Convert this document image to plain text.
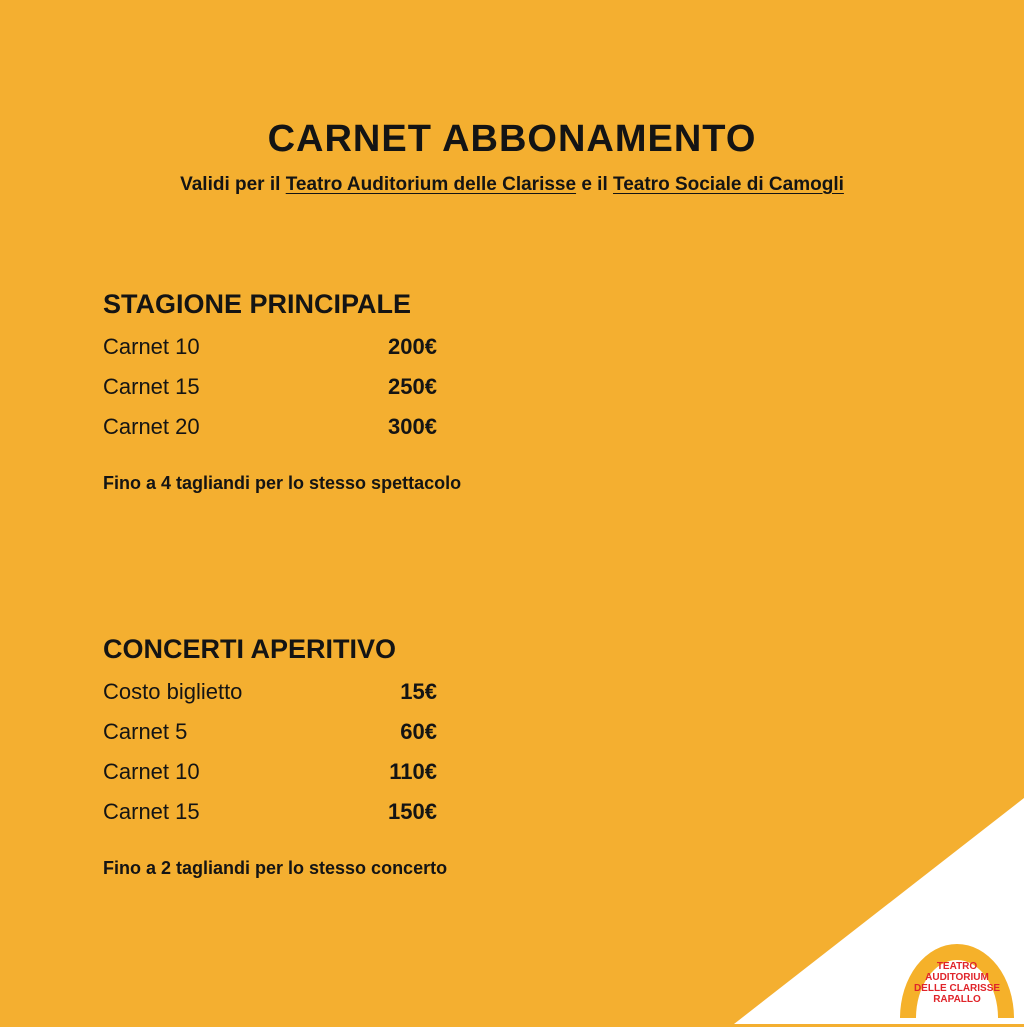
CARNET ABBONAMENTO

Validi per il Teatro Auditorium delle Clarisse e il Teatro Sociale di Camogli

STAGIONE PRINCIPALE
Carnet 10	200€
Carnet 15	250€
Carnet 20	300€

Fino a 4 tagliandi per lo stesso spettacolo

CONCERTI APERITIVO
Costo biglietto	15€
Carnet 5	60€
Carnet 10	110€
Carnet 15	150€

Fino a 2 tagliandi per lo stesso concerto

TEATRO
AUDITORIUM
DELLE CLARISSE
RAPALLO
